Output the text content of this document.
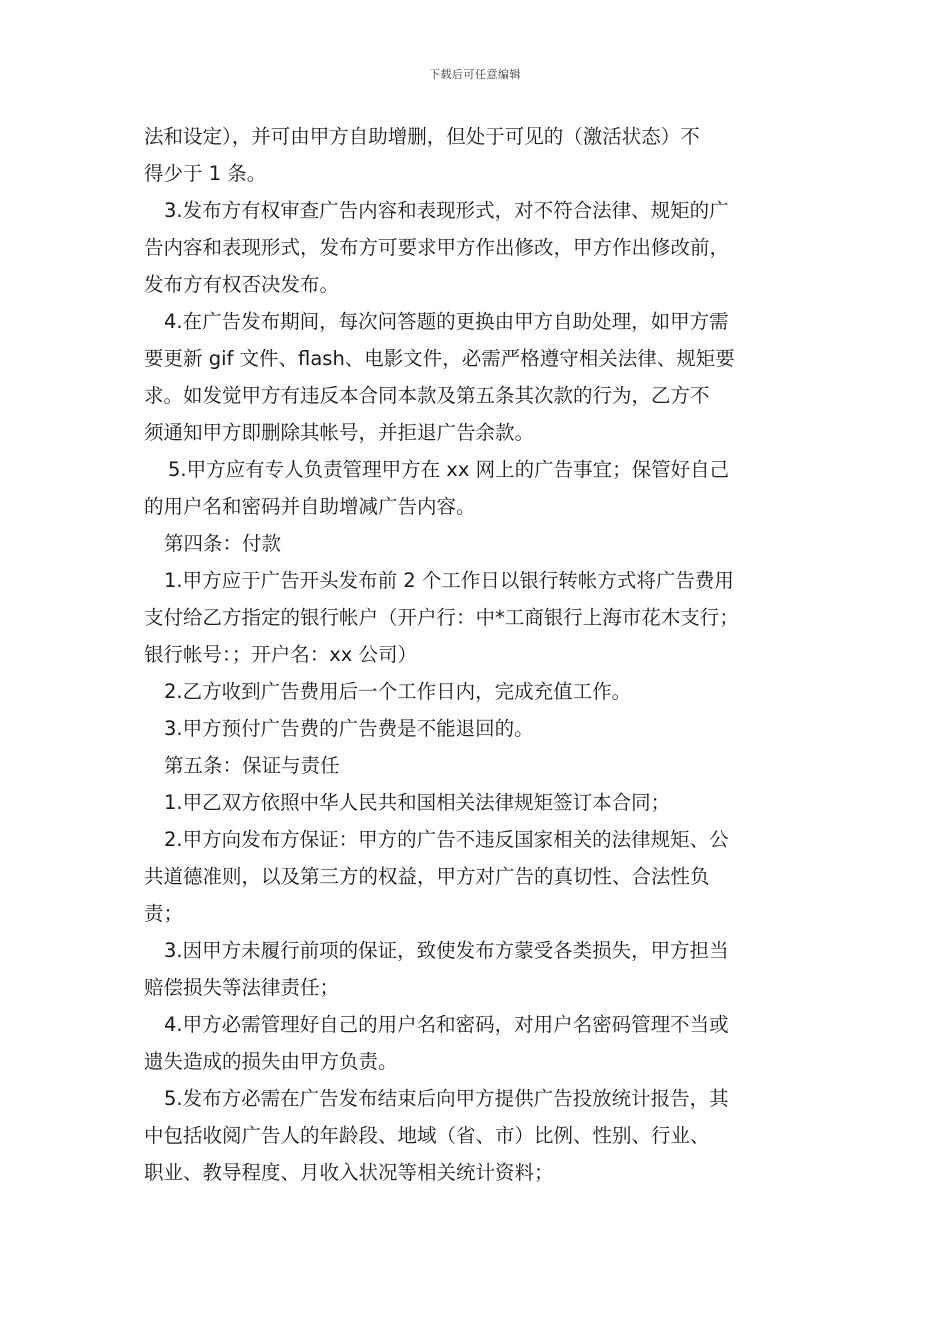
下载后可任意编辑
法和设定），并可由甲方自助增删，但处于可见的（激活状态）不
得少于 1 条。
3.发布方有权审查广告内容和表现形式，对不符合法律、规矩的广
告内容和表现形式，发布方可要求甲方作出修改，甲方作出修改前，
发布方有权否决发布。
4.在广告发布期间，每次问答题的更换由甲方自助处理，如甲方需
要更新 gif 文件、flash、电影文件，必需严格遵守相关法律、规矩要
求。如发觉甲方有违反本合同本款及第五条其次款的行为，乙方不
须通知甲方即删除其帐号，并拒退广告余款。
5.甲方应有专人负责管理甲方在 xx 网上的广告事宜；保管好自己
的用户名和密码并自助增减广告内容。
第四条：付款
1.甲方应于广告开头发布前 2 个工作日以银行转帐方式将广告费用
支付给乙方指定的银行帐户（开户行：中*工商银行上海市花木支行；
银行帐号：；开户名：xx 公司）
2.乙方收到广告费用后一个工作日内，完成充值工作。
3.甲方预付广告费的广告费是不能退回的。
第五条：保证与责任
1.甲乙双方依照中华人民共和国相关法律规矩签订本合同；
2.甲方向发布方保证：甲方的广告不违反国家相关的法律规矩、公
共道德准则，以及第三方的权益，甲方对广告的真切性、合法性负
责；
3.因甲方未履行前项的保证，致使发布方蒙受各类损失，甲方担当
赔偿损失等法律责任；
4.甲方必需管理好自己的用户名和密码，对用户名密码管理不当或
遗失造成的损失由甲方负责。
5.发布方必需在广告发布结束后向甲方提供广告投放统计报告，其
中包括收阅广告人的年龄段、地域（省、市）比例、性别、行业、
职业、教导程度、月收入状况等相关统计资料；
